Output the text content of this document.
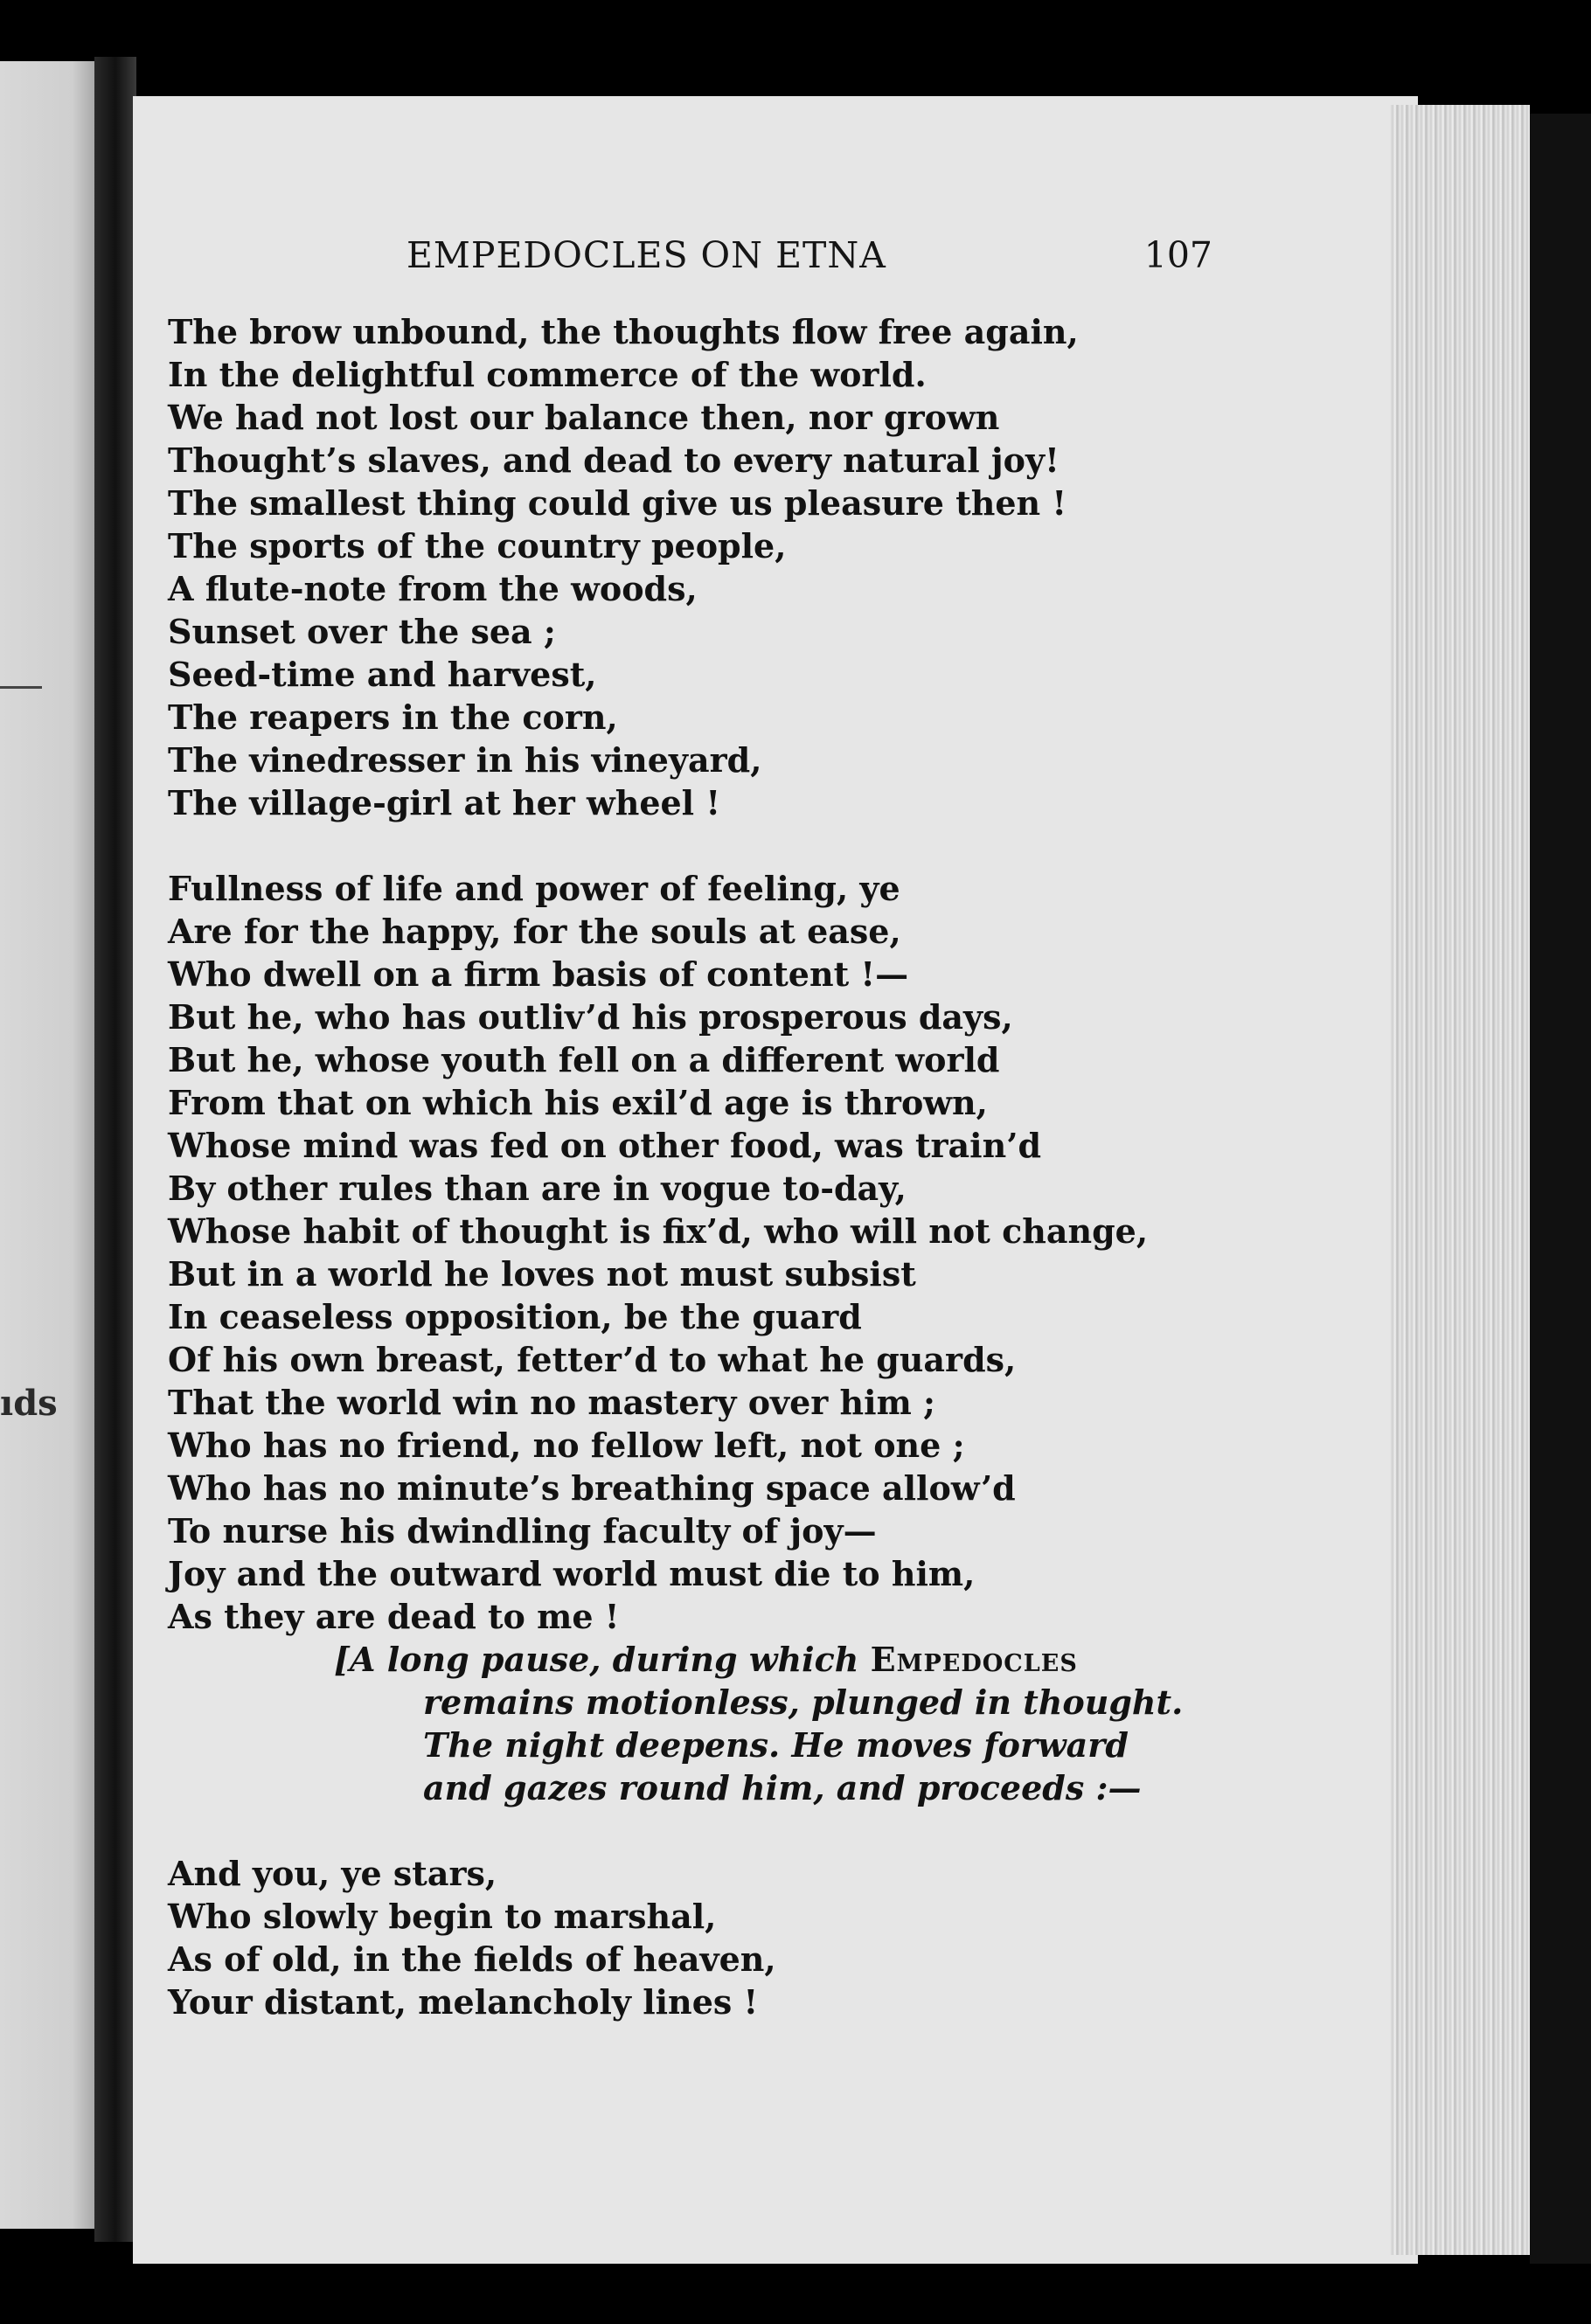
ıds
EMPEDOCLES ON ETNA	107
The brow unbound, the thoughts flow free again,
In the delightful commerce of the world.
We had not lost our balance then, nor grown
Thought’s slaves, and dead to every natural joy!
The smallest thing could give us pleasure then !
The sports of the country people,
A flute-note from the woods,
Sunset over the sea ;
Seed-time and harvest,
The reapers in the corn,
The vinedresser in his vineyard,
The village-girl at her wheel !
Fullness of life and power of feeling, ye
Are for the happy, for the souls at ease,
Who dwell on a firm basis of content !—
But he, who has outliv’d his prosperous days,
But he, whose youth fell on a different world
From that on which his exil’d age is thrown,
Whose mind was fed on other food, was train’d
By other rules than are in vogue to-day,
Whose habit of thought is fix’d, who will not change,
But in a world he loves not must subsist
In ceaseless opposition, be the guard
Of his own breast, fetter’d to what he guards,
That the world win no mastery over him ;
Who has no friend, no fellow left, not one ;
Who has no minute’s breathing space allow’d
To nurse his dwindling faculty of joy—
Joy and the outward world must die to him,
As they are dead to me !
[A long pause, during which Empedocles
remains motionless, plunged in thought.
The night deepens. He moves forward
and gazes round him, and proceeds :—
And you, ye stars,
Who slowly begin to marshal,
As of old, in the fields of heaven,
Your distant, melancholy lines !
